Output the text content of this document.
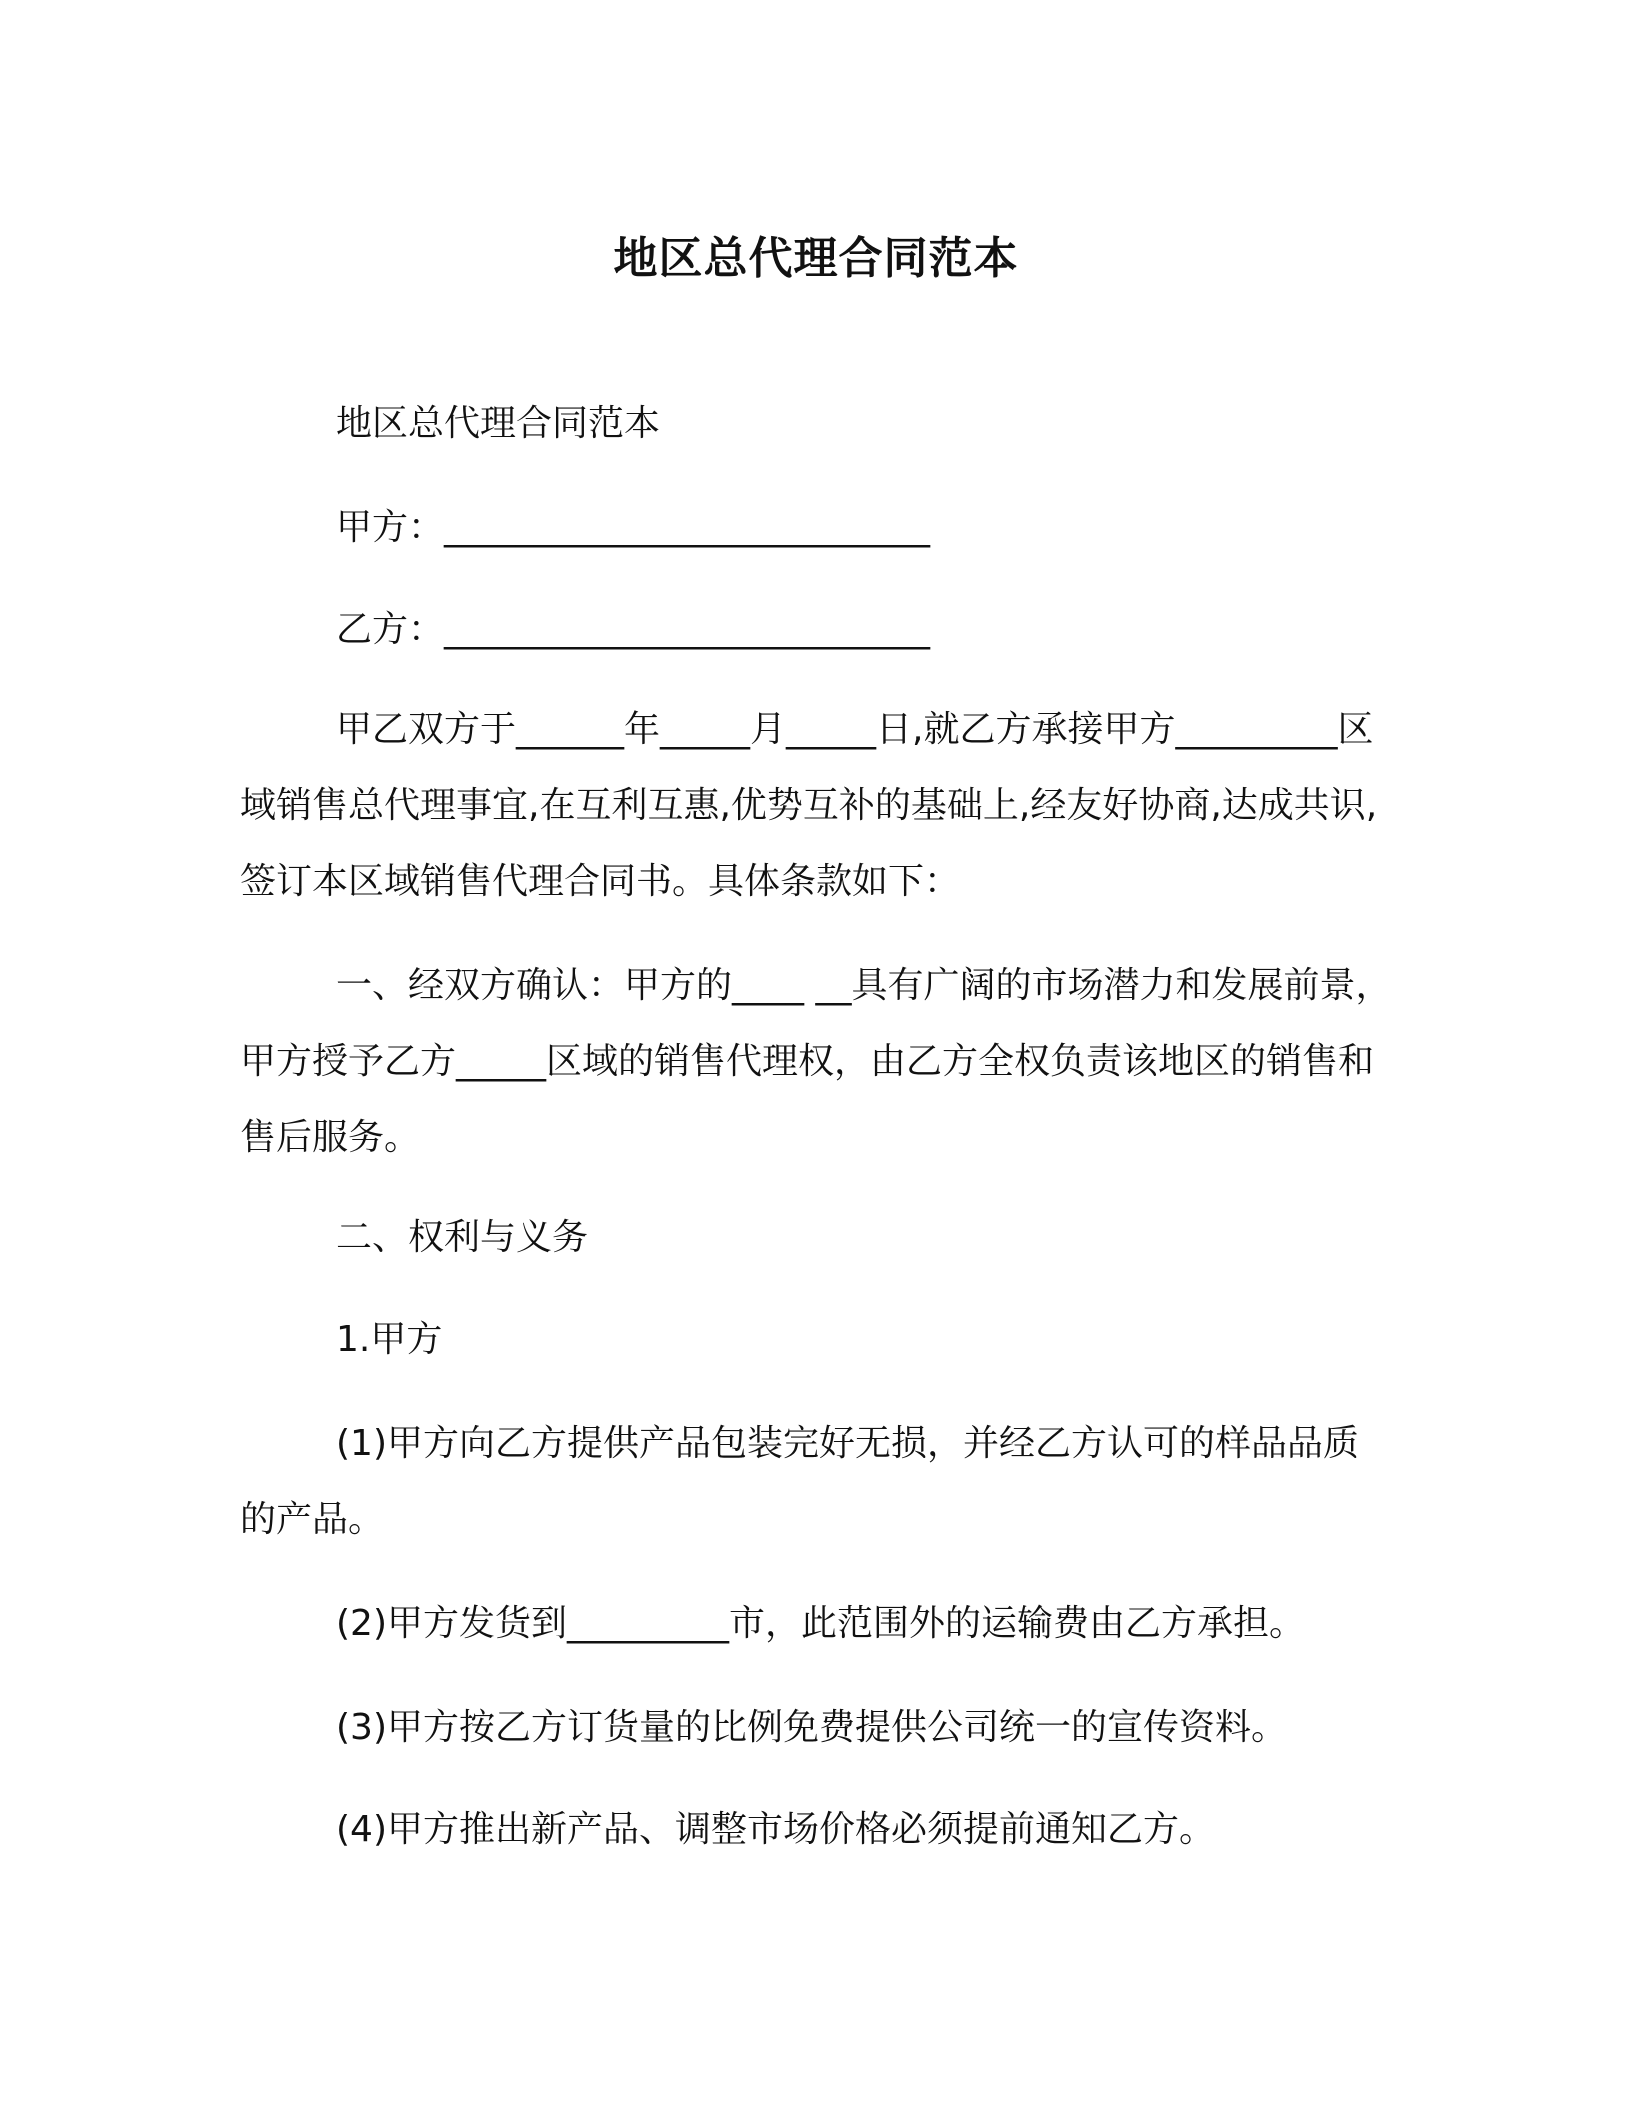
地区总代理合同范本
地区总代理合同范本
甲方：___________________________
乙方：___________________________
甲乙双方于______年_____月_____日,就乙方承接甲方_________区域销售总代理事宜,在互利互惠,优势互补的基础上,经友好协商,达成共识,签订本区域销售代理合同书。具体条款如下：
一、经双方确认：甲方的____ __具有广阔的市场潜力和发展前景，甲方授予乙方_____区域的销售代理权，由乙方全权负责该地区的销售和售后服务。
二、权利与义务
1.甲方
(1)甲方向乙方提供产品包装完好无损，并经乙方认可的样品品质的产品。
(2)甲方发货到_________市，此范围外的运输费由乙方承担。
(3)甲方按乙方订货量的比例免费提供公司统一的宣传资料。
(4)甲方推出新产品、调整市场价格必须提前通知乙方。
